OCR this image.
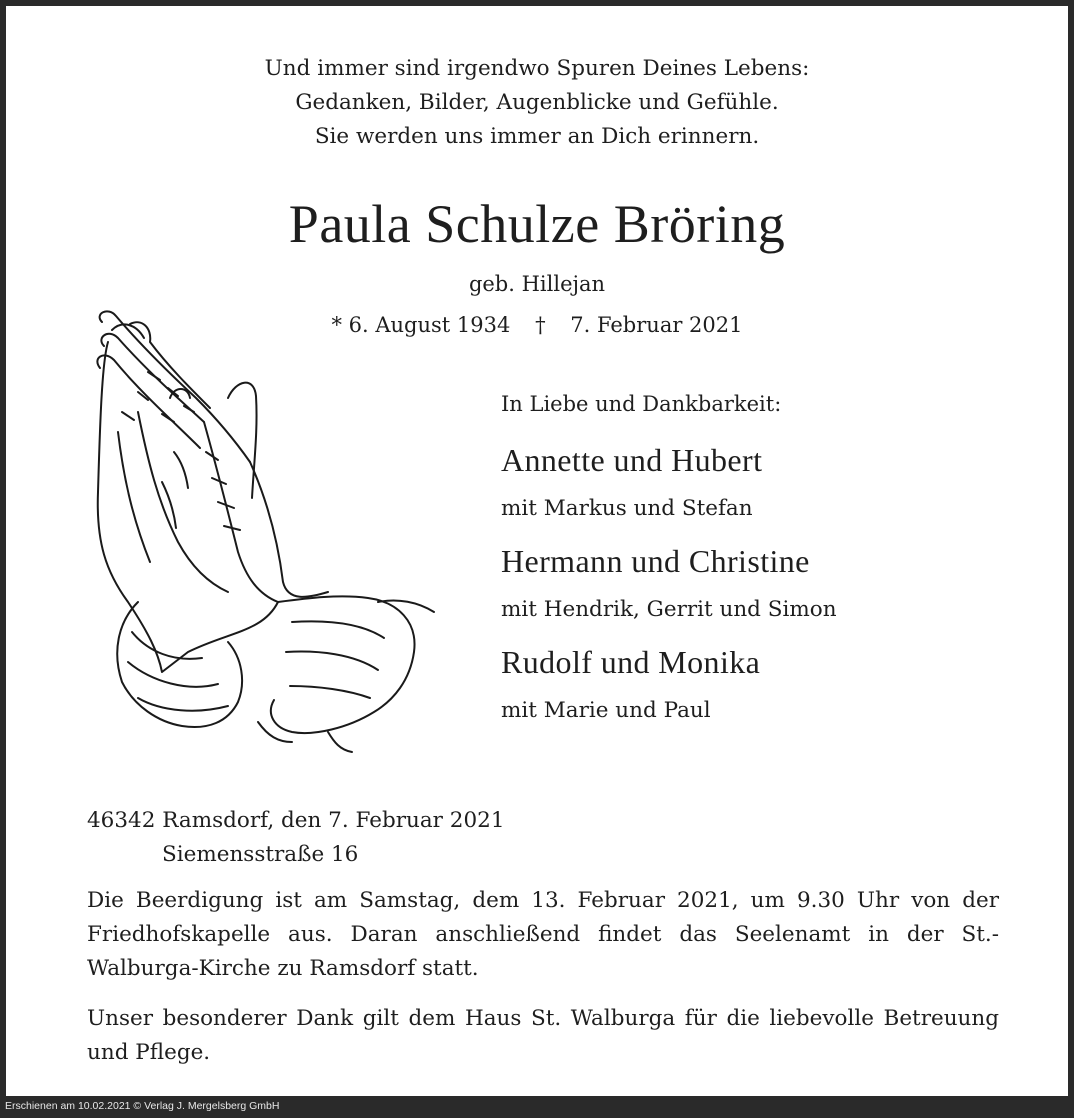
Und immer sind irgendwo Spuren Deines Lebens:
Gedanken, Bilder, Augenblicke und Gefühle.
Sie werden uns immer an Dich erinnern.
Paula Schulze Bröring
geb. Hillejan
* 6. August 1934 † 7. Februar 2021
In Liebe und Dankbarkeit:
Annette und Hubert
mit Markus und Stefan
Hermann und Christine
mit Hendrik, Gerrit und Simon
Rudolf und Monika
mit Marie und Paul
46342 Ramsdorf, den 7. Februar 2021
Siemensstraße 16

Die Beerdigung ist am Samstag, dem 13. Februar 2021, um 9.30 Uhr von der Friedhofskapelle aus. Daran anschließend findet das Seelenamt in der St.-Walburga-Kirche zu Ramsdorf statt.

Unser besonderer Dank gilt dem Haus St. Walburga für die liebevolle Betreuung und Pflege.

Erschienen am 10.02.2021 © Verlag J. Mergelsberg GmbH
